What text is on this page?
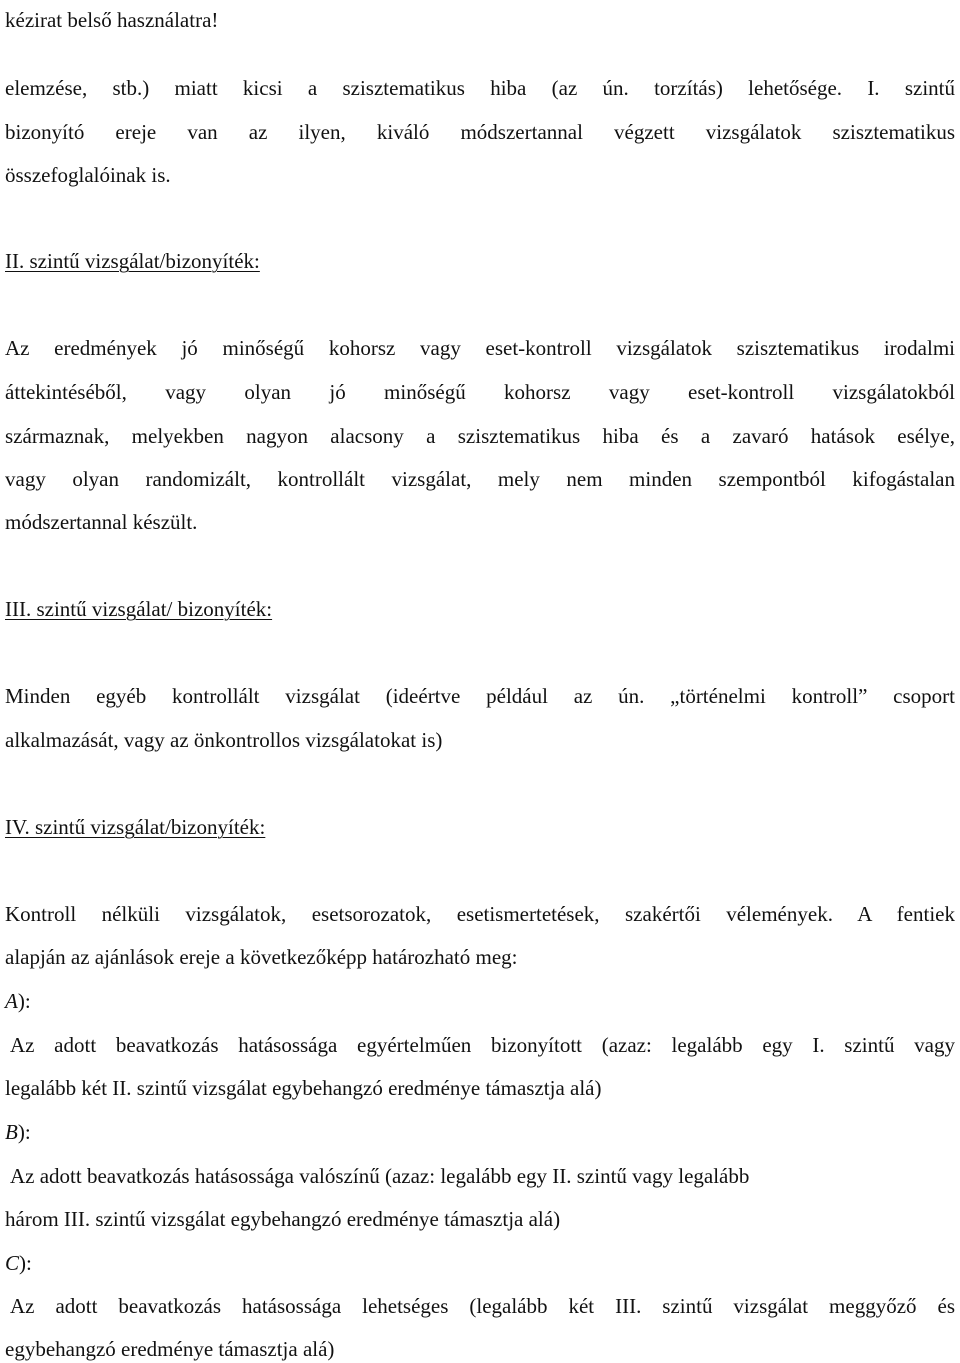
kézirat belső használatra!
elemzése, stb.) miatt kicsi a szisztematikus hiba (az ún. torzítás) lehetősége. I. szintű
bizonyító ereje van az ilyen, kiváló módszertannal végzett vizsgálatok szisztematikus
összefoglalóinak is.
II. szintű vizsgálat/bizonyíték:
Az eredmények jó minőségű kohorsz vagy eset-kontroll vizsgálatok szisztematikus irodalmi
áttekintéséből, vagy olyan jó minőségű kohorsz vagy eset-kontroll vizsgálatokból
származnak, melyekben nagyon alacsony a szisztematikus hiba és a zavaró hatások esélye,
vagy olyan randomizált, kontrollált vizsgálat, mely nem minden szempontból kifogástalan
módszertannal készült.
III. szintű vizsgálat/ bizonyíték:
Minden egyéb kontrollált vizsgálat (ideértve például az ún. „történelmi kontroll” csoport
alkalmazását, vagy az önkontrollos vizsgálatokat is)
IV. szintű vizsgálat/bizonyíték:
Kontroll nélküli vizsgálatok, esetsorozatok, esetismertetések, szakértői vélemények. A fentiek
alapján az ajánlások ereje a következőképp határozható meg:
A):
Az adott beavatkozás hatásossága egyértelműen bizonyított (azaz: legalább egy I. szintű vagy
legalább két II. szintű vizsgálat egybehangzó eredménye támasztja alá)
B):
Az adott beavatkozás hatásossága valószínű (azaz: legalább egy II. szintű vagy legalább
három III. szintű vizsgálat egybehangzó eredménye támasztja alá)
C):
Az adott beavatkozás hatásossága lehetséges (legalább két III. szintű vizsgálat meggyőző és
egybehangzó eredménye támasztja alá)
